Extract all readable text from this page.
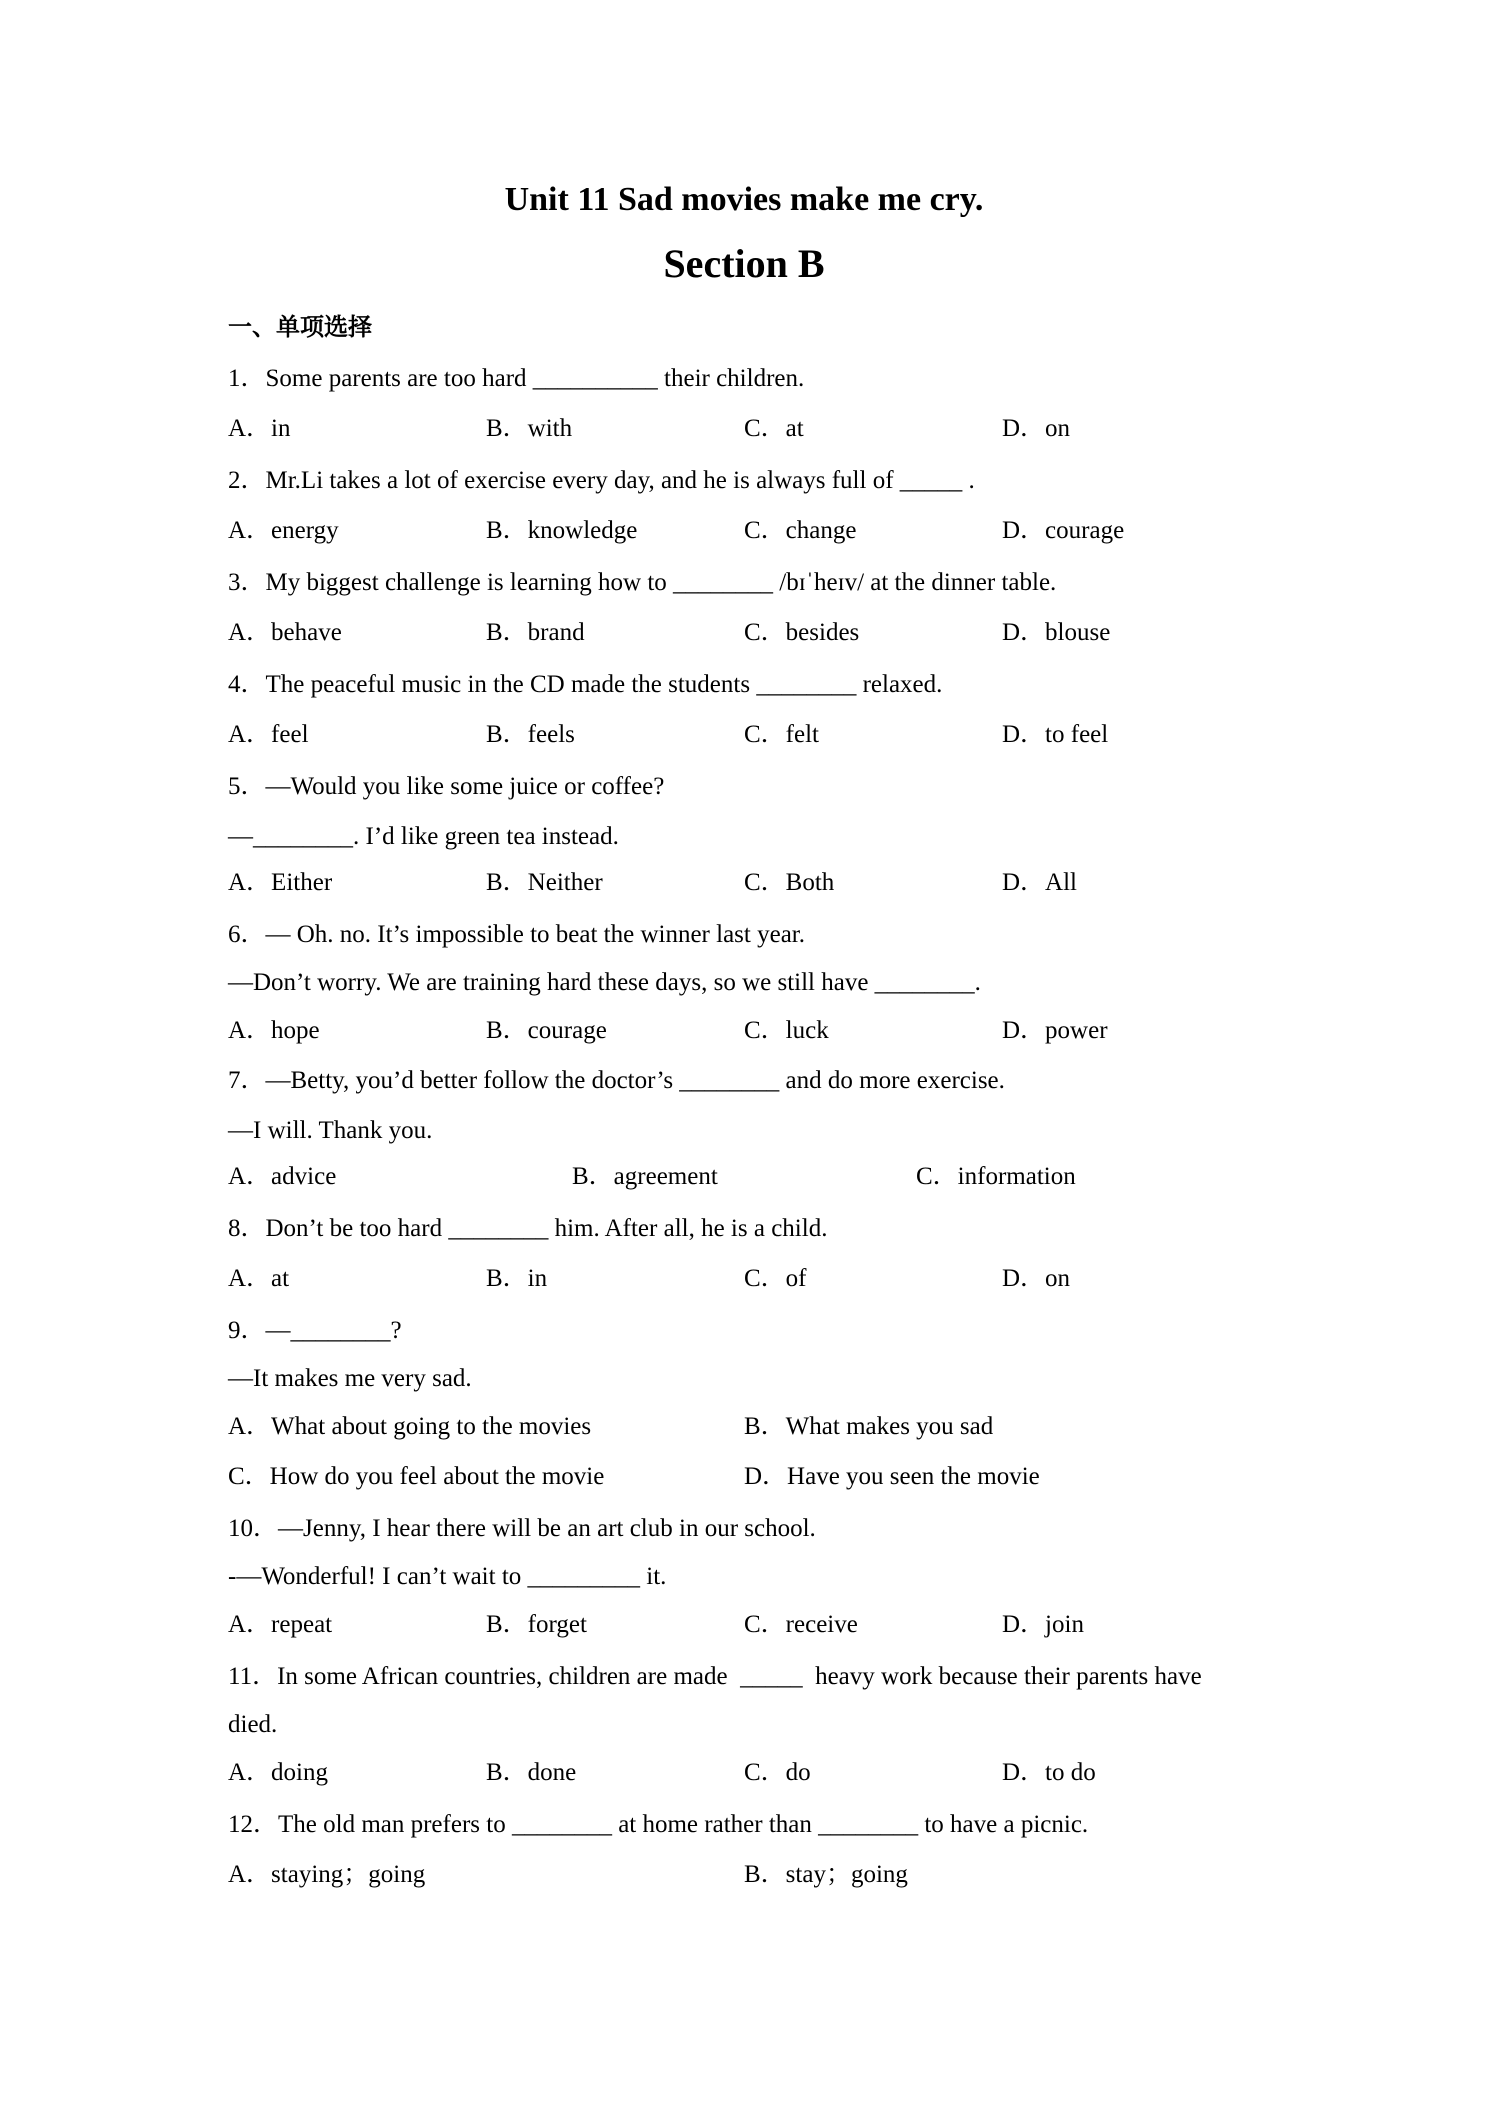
Unit 11 Sad movies make me cry.
Section B
一、单项选择
1．Some parents are too hard __________ their children.
A．in	B．with	C．at	D．on
2．Mr.Li takes a lot of exercise every day, and he is always full of _____ .
A．energy	B．knowledge	C．change	D．courage
3．My biggest challenge is learning how to ________ /bɪˈheɪv/ at the dinner table.
A．behave	B．brand	C．besides	D．blouse
4．The peaceful music in the CD made the students ________ relaxed.
A．feel	B．feels	C．felt	D．to feel
5．—Would you like some juice or coffee?
—________. I’d like green tea instead.
A．Either	B．Neither	C．Both	D．All
6．— Oh. no. It’s impossible to beat the winner last year.
—Don’t worry. We are training hard these days, so we still have ________.
A．hope	B．courage	C．luck	D．power
7．—Betty, you’d better follow the doctor’s ________ and do more exercise.
—I will. Thank you.
A．advice	B．agreement	C．information
8．Don’t be too hard ________ him. After all, he is a child.
A．at	B．in	C．of	D．on
9．—________?
—It makes me very sad.
A．What about going to the movies	B．What makes you sad
C．How do you feel about the movie	D．Have you seen the movie
10．—Jenny, I hear there will be an art club in our school.
-—Wonderful! I can’t wait to _________ it.
A．repeat	B．forget	C．receive	D．join
11．In some African countries, children are made  _____  heavy work because their parents have
died.
A．doing	B．done	C．do	D．to do
12．The old man prefers to ________ at home rather than ________ to have a picnic.
A．staying；going	B．stay；going
